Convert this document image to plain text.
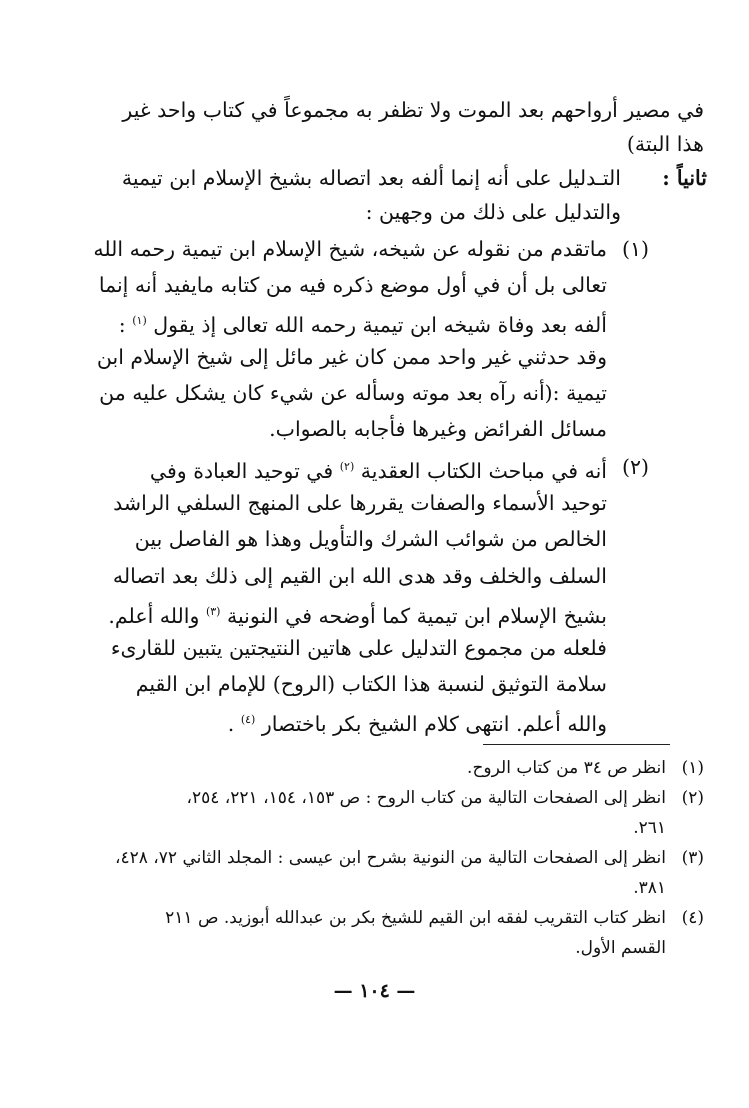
في مصير أرواحهم بعد الموت ولا تظفر به مجموعاً في كتاب واحد غير
هذا البتة)
ثانياً :
التـدليل على أنه إنما ألفه بعد اتصاله بشيخ الإسلام ابن تيمية
والتدليل على ذلك من وجهين :
(١)
ماتقدم من نقوله عن شيخه، شيخ الإسلام ابن تيمية رحمه الله
تعالى بل أن في أول موضع ذكره فيه من كتابه مايفيد أنه إنما
ألفه بعد وفاة شيخه ابن تيمية رحمه الله تعالى إذ يقول $^{(١)}$ :
وقد حدثني غير واحد ممن كان غير مائل إلى شيخ الإسلام ابن
تيمية :(أنه رآه بعد موته وسأله عن شيء كان يشكل عليه من
مسائل الفرائض وغيرها فأجابه بالصواب.
(٢)
أنه في مباحث الكتاب العقدية $^{(٢)}$ في توحيد العبادة وفي
توحيد الأسماء والصفات يقررها على المنهج السلفي الراشد
الخالص من شوائب الشرك والتأويل وهذا هو الفاصل بين
السلف والخلف وقد هدى الله ابن القيم إلى ذلك بعد اتصاله
بشيخ الإسلام ابن تيمية كما أوضحه في النونية $^{(٣)}$ والله أعلم.
فلعله من مجموع التدليل على هاتين النتيجتين يتبين للقارىء
سلامة التوثيق لنسبة هذا الكتاب (الروح) للإمام ابن القيم
والله أعلم. انتهى كلام الشيخ بكر باختصار $^{(٤)}$ .
(١)
انظر ص ٣٤ من كتاب الروح.
(٢)
انظر إلى الصفحات التالية من كتاب الروح : ص ١٥٣، ١٥٤، ٢٢١، ٢٥٤،
٢٦١.
(٣)
انظر إلى الصفحات التالية من النونية بشرح ابن عيسى : المجلد الثاني ٧٢، ٤٢٨،
٣٨١.
(٤)
انظر كتاب التقريب لفقه ابن القيم للشيخ بكر بن عبدالله أبوزيد. ص ٢١١
القسم الأول.
— ١٠٤ —
